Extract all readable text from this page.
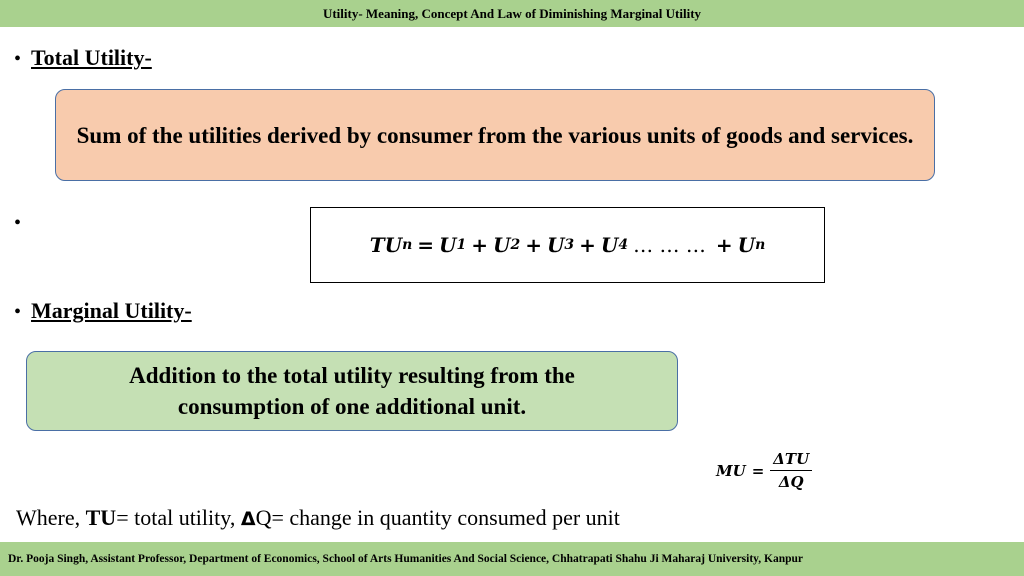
Utility- Meaning, Concept And Law of Diminishing Marginal Utility
• Total Utility-
Sum of the utilities derived by consumer from the various units of goods and services.
•
TU n = U 1 + U 2 + U 3 + U 4 … … … + U n
• Marginal Utility-
Addition to the total utility resulting from the consumption of one additional unit.
MU = $\frac{\text{ΔTU}}{\Delta Q}$
Where, TU= total utility, ΔQ= change in quantity consumed per unit
Dr. Pooja Singh, Assistant Professor, Department of Economics, School of Arts Humanities And Social Science, Chhatrapati Shahu Ji Maharaj University, Kanpur
